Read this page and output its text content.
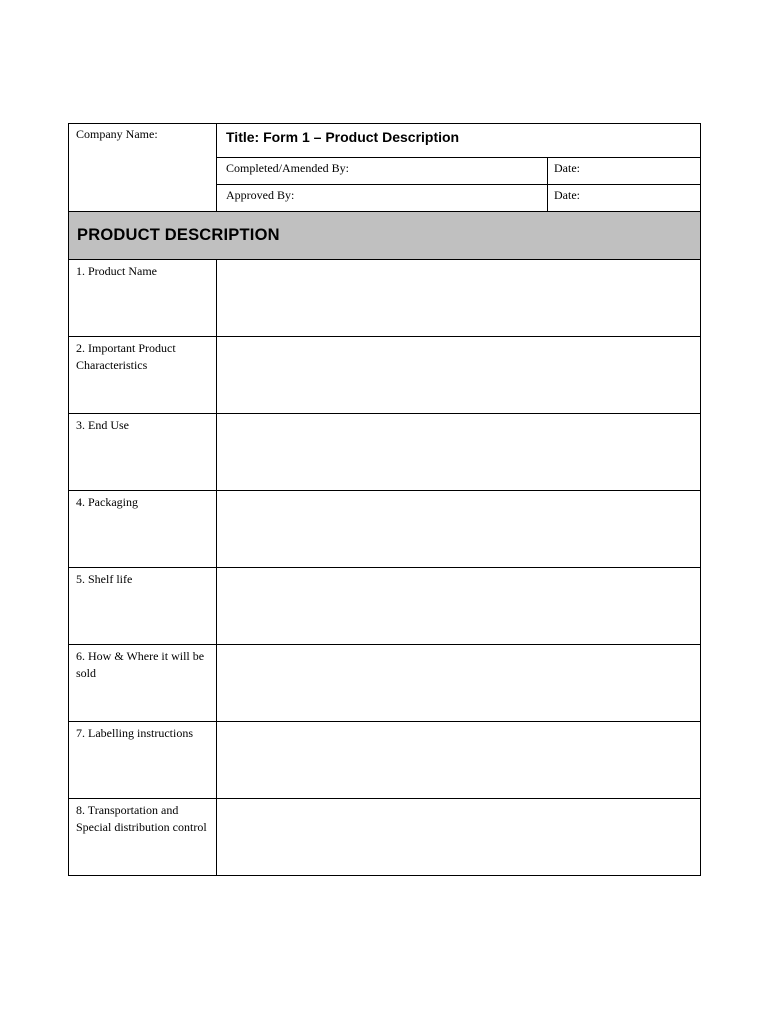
Company Name:	Title: Form 1 – Product Description	
	Completed/Amended By:	Date:
	Approved By:	Date:
PRODUCT DESCRIPTION		
1. Product Name		
2. Important Product Characteristics		
3. End Use		
4. Packaging		
5. Shelf life		
6. How & Where it will be sold		
7. Labelling instructions		
8. Transportation and Special distribution control		
